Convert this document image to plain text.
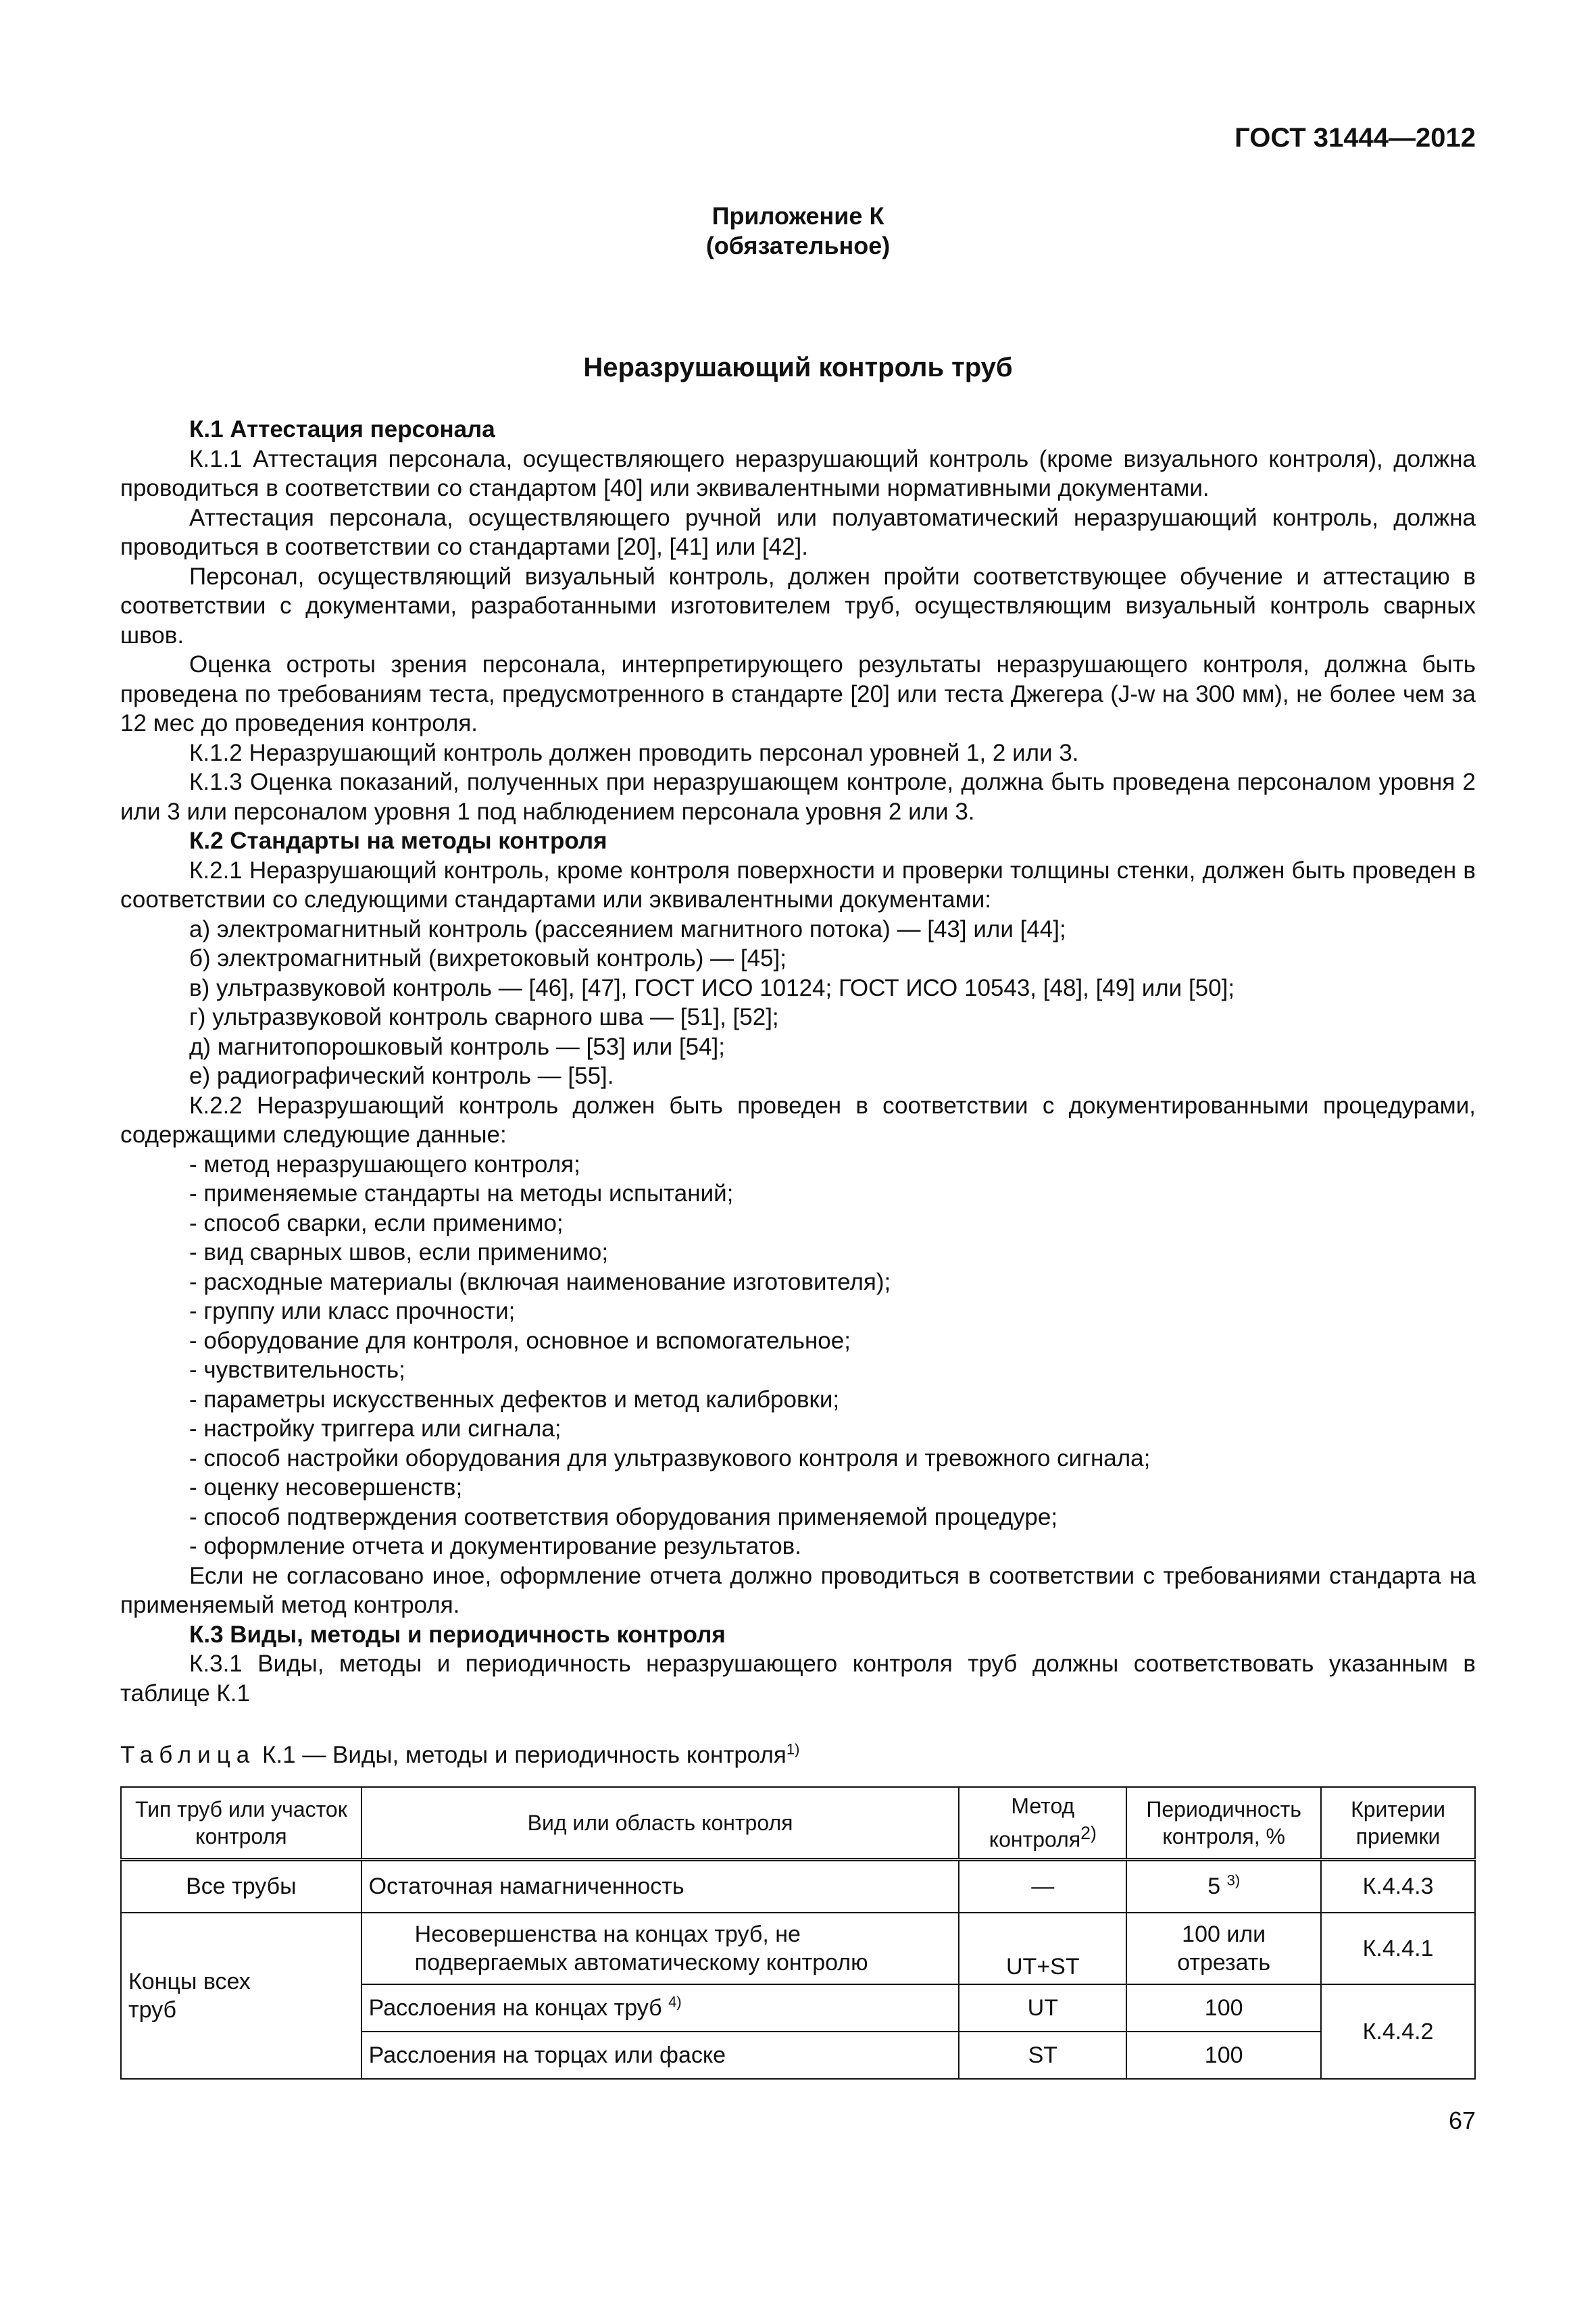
ГОСТ 31444—2012
Приложение К
(обязательное)
Неразрушающий контроль труб
К.1 Аттестация персонала
К.1.1 Аттестация персонала, осуществляющего неразрушающий контроль (кроме визуального контроля), должна проводиться в соответствии со стандартом [40] или эквивалентными нормативными документами.
Аттестация персонала, осуществляющего ручной или полуавтоматический неразрушающий контроль, должна проводиться в соответствии со стандартами [20], [41] или [42].
Персонал, осуществляющий визуальный контроль, должен пройти соответствующее обучение и аттестацию в соответствии с документами, разработанными изготовителем труб, осуществляющим визуальный контроль сварных швов.
Оценка остроты зрения персонала, интерпретирующего результаты неразрушающего контроля, должна быть проведена по требованиям теста, предусмотренного в стандарте [20] или теста Джегера (J-w на 300 мм), не более чем за 12 мес до проведения контроля.
К.1.2 Неразрушающий контроль должен проводить персонал уровней 1, 2 или 3.
К.1.3 Оценка показаний, полученных при неразрушающем контроле, должна быть проведена персоналом уровня 2 или 3 или персоналом уровня 1 под наблюдением персонала уровня 2 или 3.
К.2 Стандарты на методы контроля
К.2.1 Неразрушающий контроль, кроме контроля поверхности и проверки толщины стенки, должен быть проведен в соответствии со следующими стандартами или эквивалентными документами:
а) электромагнитный контроль (рассеянием магнитного потока) — [43] или [44];
б) электромагнитный (вихретоковый контроль) — [45];
в) ультразвуковой контроль — [46], [47], ГОСТ ИСО 10124; ГОСТ ИСО 10543, [48], [49] или [50];
г) ультразвуковой контроль сварного шва — [51], [52];
д) магнитопорошковый контроль — [53] или [54];
е) радиографический контроль — [55].
К.2.2 Неразрушающий контроль должен быть проведен в соответствии с документированными процедурами, содержащими следующие данные:
- метод неразрушающего контроля;
- применяемые стандарты на методы испытаний;
- способ сварки, если применимо;
- вид сварных швов, если применимо;
- расходные материалы (включая наименование изготовителя);
- группу или класс прочности;
- оборудование для контроля, основное и вспомогательное;
- чувствительность;
- параметры искусственных дефектов и метод калибровки;
- настройку триггера или сигнала;
- способ настройки оборудования для ультразвукового контроля и тревожного сигнала;
- оценку несовершенств;
- способ подтверждения соответствия оборудования применяемой процедуре;
- оформление отчета и документирование результатов.
Если не согласовано иное, оформление отчета должно проводиться в соответствии с требованиями стандарта на применяемый метод контроля.
К.3 Виды, методы и периодичность контроля
К.3.1 Виды, методы и периодичность неразрушающего контроля труб должны соответствовать указанным в таблице К.1
Таблица К.1 — Виды, методы и периодичность контроля$^{1)}$
Тип труб или участок контроля	Вид или область контроля	Метод контроля$^{2)}$	Периодичность контроля, %	Критерии приемки
Все трубы	Остаточная намагниченность	—	5 $^{3)}$	К.4.4.3
Концы всех труб	Несовершенства на концах труб, не подвергаемых автоматическому контролю	UT+ST	100 или отрезать	К.4.4.1
	Расслоения на концах труб $^{4)}$	UT	100	К.4.4.2
	Расслоения на торцах или фаске	ST	100	
67
